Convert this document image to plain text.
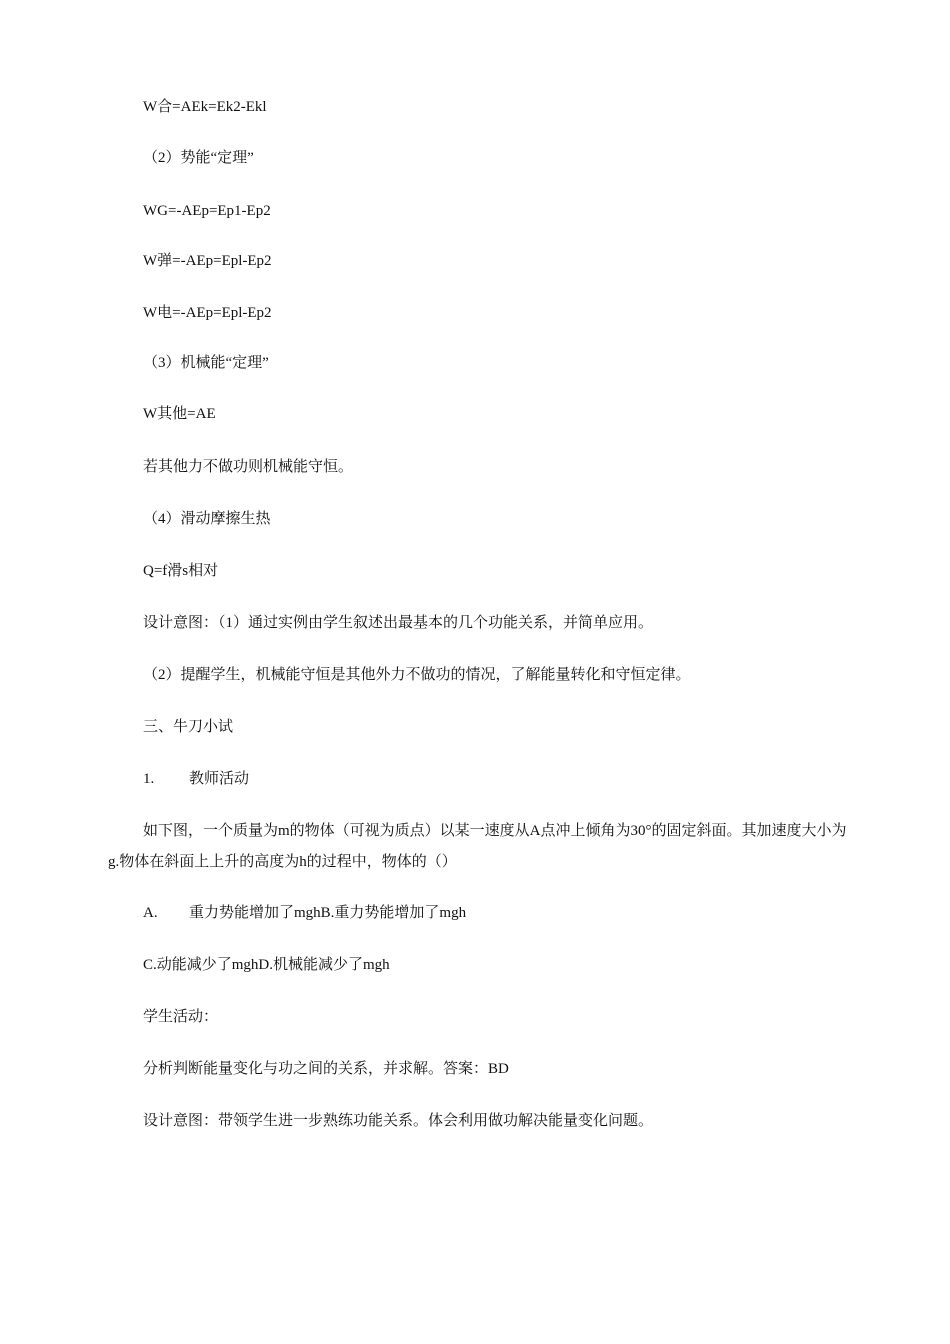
W合=AEk=Ek2-Ekl
（2）势能“定理”
WG=-AEp=Ep1-Ep2
W弹=-AEp=Epl-Ep2
W电=-AEp=Epl-Ep2
（3）机械能“定理”
W其他=AE
若其他力不做功则机械能守恒。
（4）滑动摩擦生热
Q=f滑s相对
设计意图：（1）通过实例由学生叙述出最基本的几个功能关系，并简单应用。
（2）提醒学生，机械能守恒是其他外力不做功的情况，了解能量转化和守恒定律。
三、牛刀小试
1. 教师活动
如下图，一个质量为m的物体（可视为质点）以某一速度从A点冲上倾角为30°的固定斜面。其加速度大小为g.物体在斜面上上升的高度为h的过程中，物体的（）
A. 重力势能增加了mghB.重力势能增加了mgh
C.动能减少了mghD.机械能减少了mgh
学生活动：
分析判断能量变化与功之间的关系，并求解。答案：BD
设计意图：带领学生进一步熟练功能关系。体会利用做功解决能量变化问题。
